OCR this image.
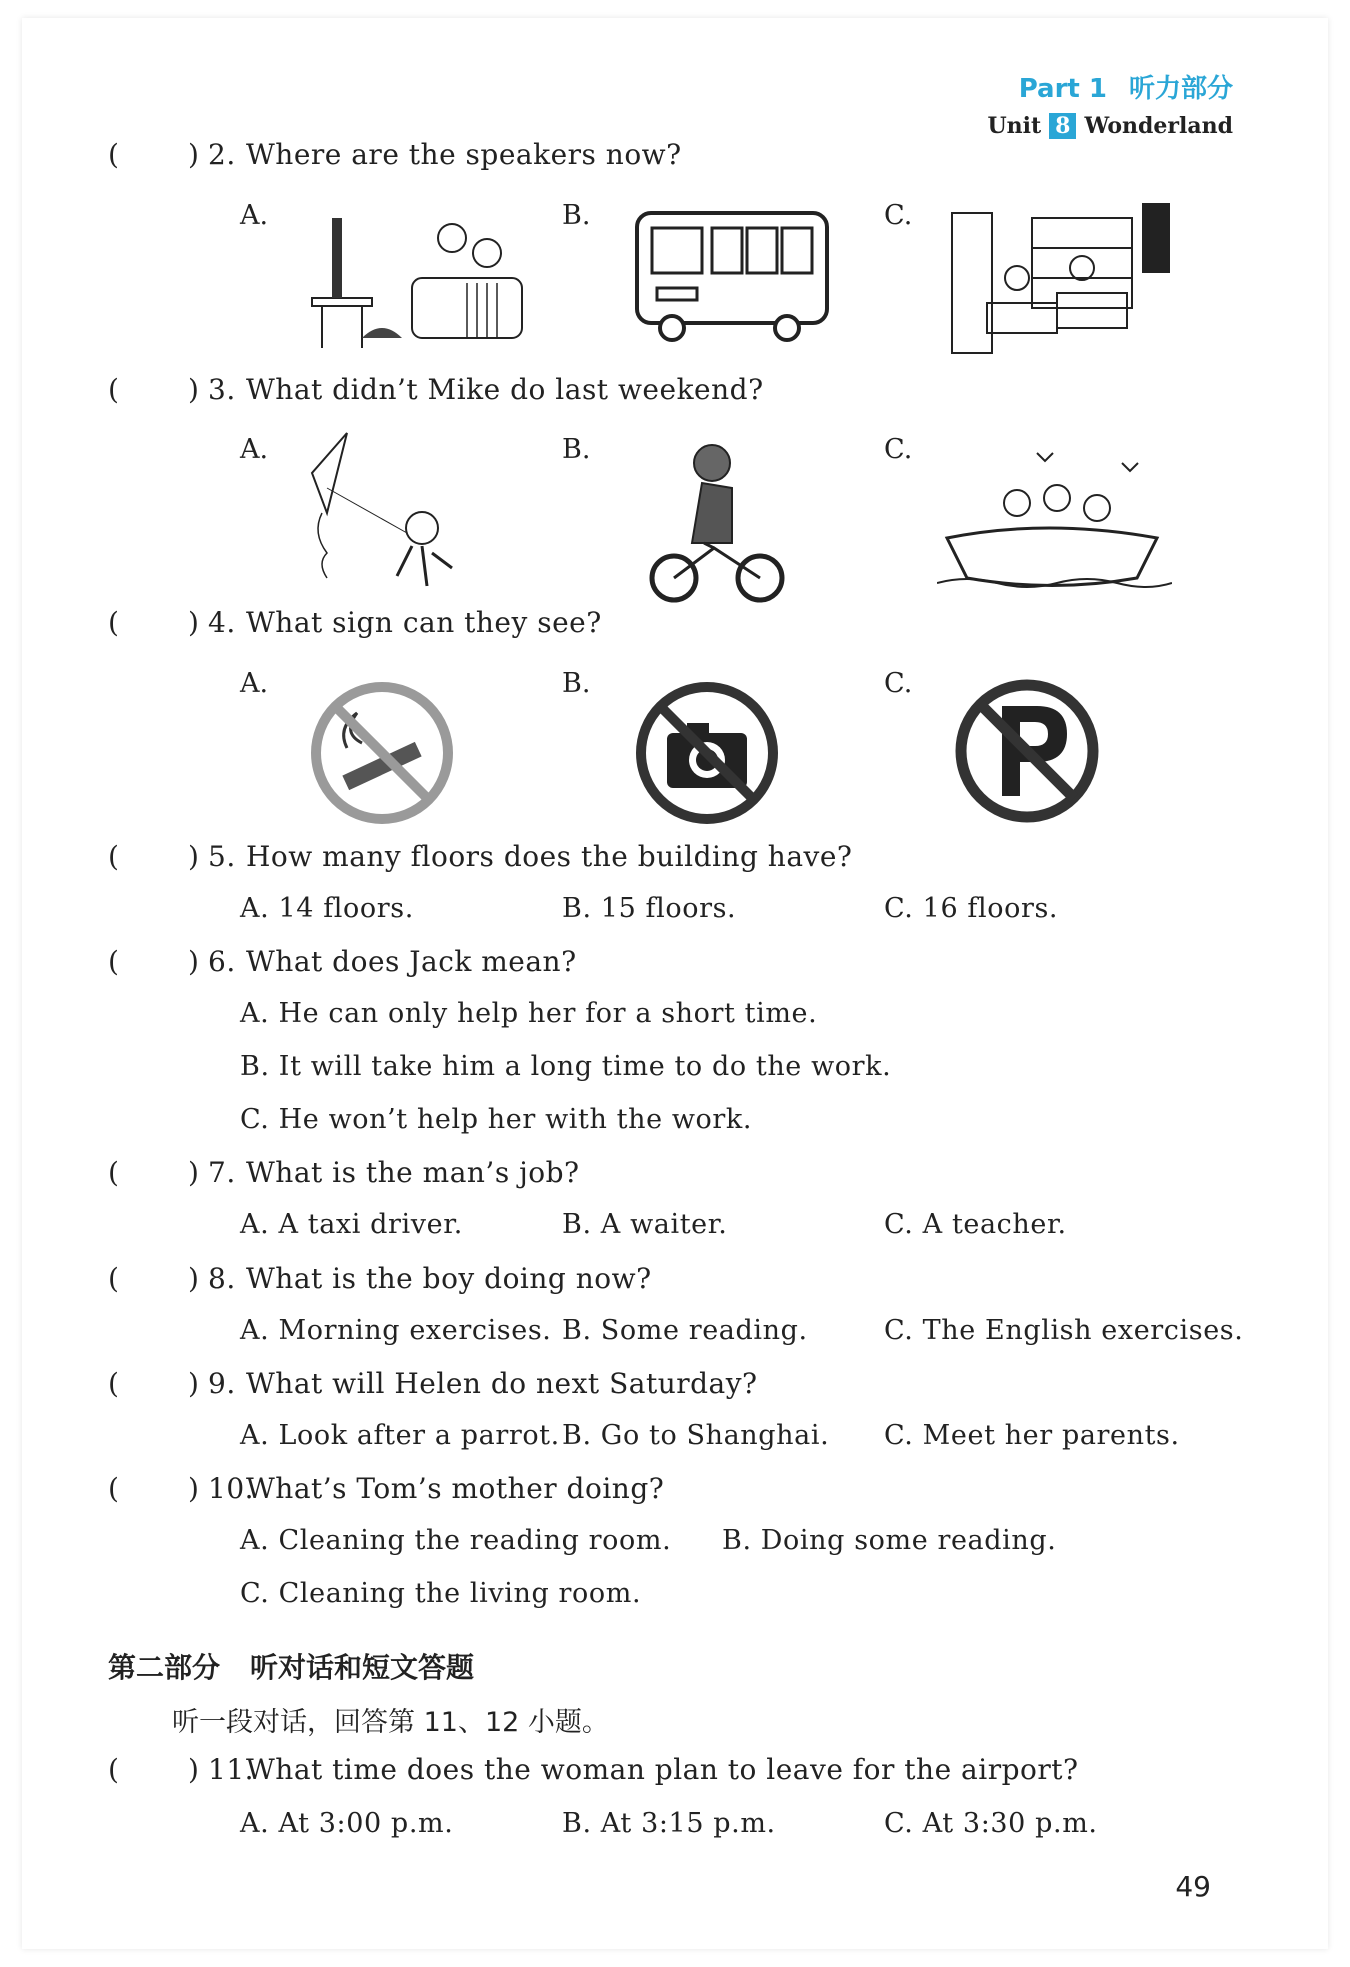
Part 1 听力部分
Unit 8 Wonderland
( ) 2. Where are the speakers now?
A.	B.	C.
( ) 3. What didn’t Mike do last weekend?
A.	B.	C.
( ) 4. What sign can they see?
A.	B.	C.
( ) 5. How many floors does the building have?
A. 14 floors.	B. 15 floors.	C. 16 floors.
( ) 6. What does Jack mean?
A. He can only help her for a short time.
B. It will take him a long time to do the work.
C. He won’t help her with the work.
( ) 7. What is the man’s job?
A. A taxi driver.	B. A waiter.	C. A teacher.
( ) 8. What is the boy doing now?
A. Morning exercises. B. Some reading.	C. The English exercises.
( ) 9. What will Helen do next Saturday?
A. Look after a parrot. B. Go to Shanghai. C. Meet her parents.
( ) 10.What’s Tom’s mother doing?
A. Cleaning the reading room. B. Doing some reading.
C. Cleaning the living room.
第二部分 听对话和短文答题
听一段对话，回答第 11、12 小题。
( ) 11.What time does the woman plan to leave for the airport?
A. At 3:00 p.m.	B. At 3:15 p.m.	C. At 3:30 p.m.
49
